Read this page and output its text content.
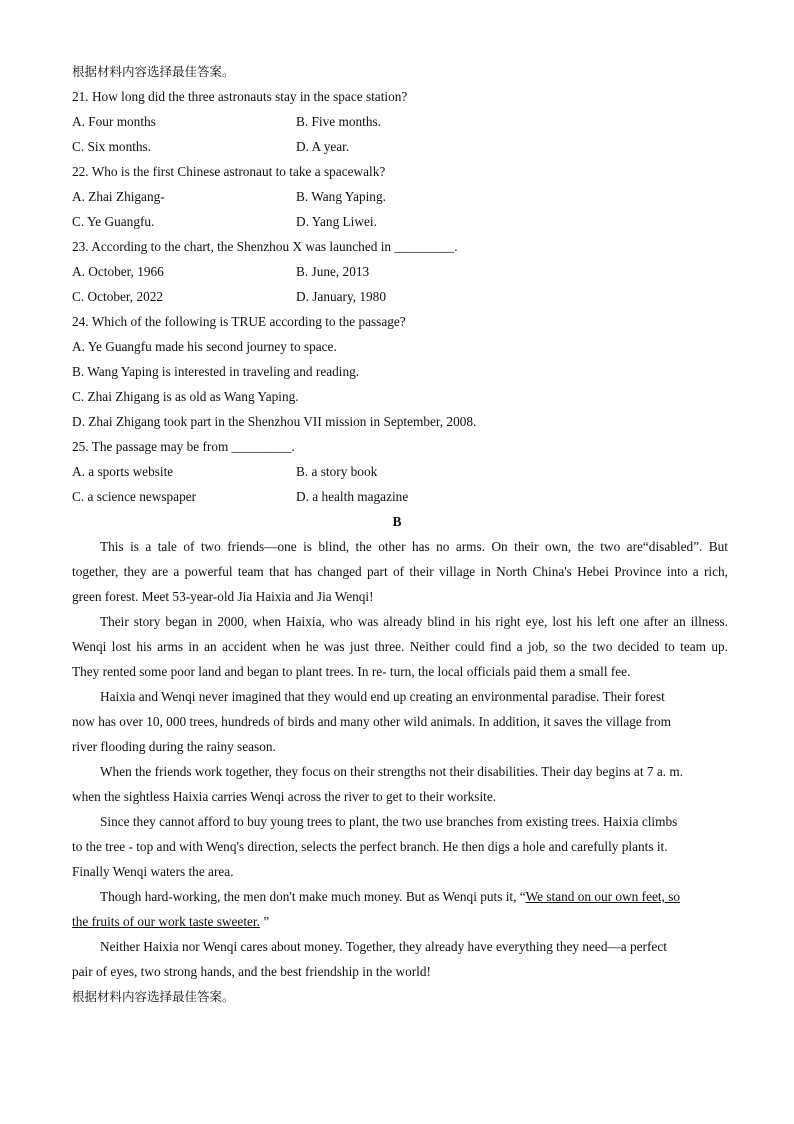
根据材料内容选择最佳答案。
21. How long did the three astronauts stay in the space station?
A. Four months	B. Five months.
C. Six months.	D. A year.
22. Who is the first Chinese astronaut to take a spacewalk?
A. Zhai Zhigang-	B. Wang Yaping.
C. Ye Guangfu.	D. Yang Liwei.
23. According to the chart, the Shenzhou X was launched in _________.
A. October, 1966	B. June, 2013
C. October, 2022	D. January, 1980
24. Which of the following is TRUE according to the passage?
A. Ye Guangfu made his second journey to space.
B. Wang Yaping is interested in traveling and reading.
C. Zhai Zhigang is as old as Wang Yaping.
D. Zhai Zhigang took part in the Shenzhou VII mission in September, 2008.
25. The passage may be from _________.
A. a sports website	B. a story book
C. a science newspaper	D. a health magazine
B
This is a tale of two friends—one is blind, the other has no arms. On their own, the two are“disabled”. But
together, they are a powerful team that has changed part of their village in North China's Hebei Province into a rich,
green forest. Meet 53-year-old Jia Haixia and Jia Wenqi!
Their story began in 2000, when Haixia, who was already blind in his right eye, lost his left one after an illness.
Wenqi lost his arms in an accident when he was just three. Neither could find a job, so the two decided to team up.
They rented some poor land and began to plant trees. In re- turn, the local officials paid them a small fee.
Haixia and Wenqi never imagined that they would end up creating an environmental paradise. Their forest
now has over 10, 000 trees, hundreds of birds and many other wild animals. In addition, it saves the village from
river flooding during the rainy season.
When the friends work together, they focus on their strengths not their disabilities. Their day begins at 7 a. m.
when the sightless Haixia carries Wenqi across the river to get to their worksite.
Since they cannot afford to buy young trees to plant, the two use branches from existing trees. Haixia climbs
to the tree - top and with Wenq's direction, selects the perfect branch. He then digs a hole and carefully plants it.
Finally Wenqi waters the area.
Though hard-working, the men don't make much money. But as Wenqi puts it, “We stand on our own feet, so
the fruits of our work taste sweeter. ”
Neither Haixia nor Wenqi cares about money. Together, they already have everything they need—a perfect
pair of eyes, two strong hands, and the best friendship in the world!
根据材料内容选择最佳答案。
